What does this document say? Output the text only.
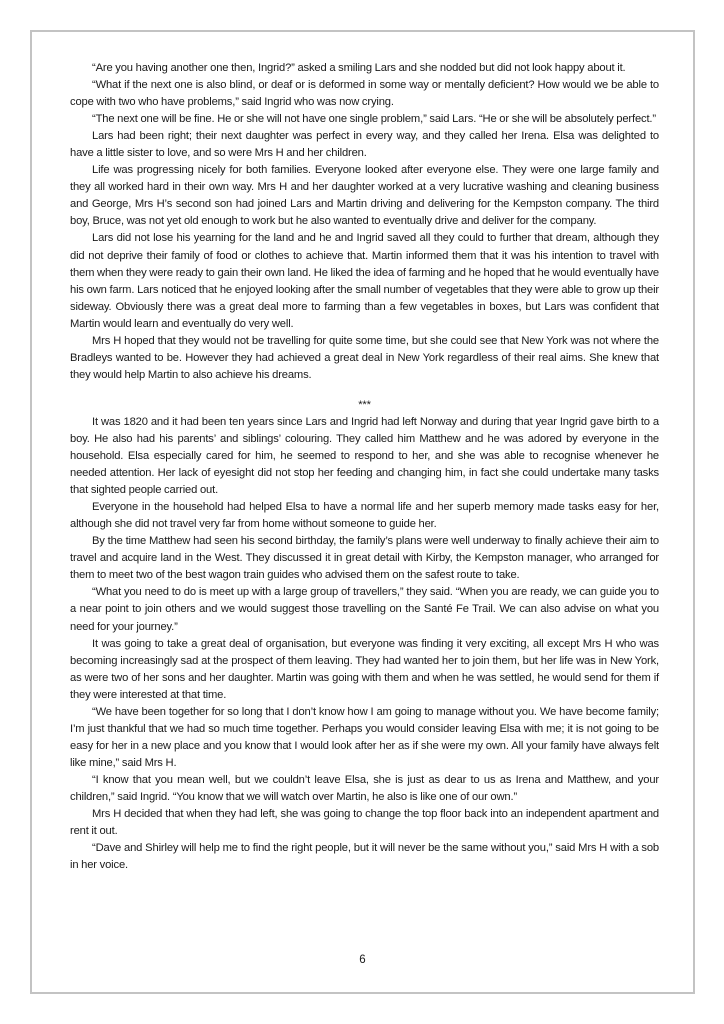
“Are you having another one then, Ingrid?” asked a smiling Lars and she nodded but did not look happy about it.

“What if the next one is also blind, or deaf or is deformed in some way or mentally deficient? How would we be able to cope with two who have problems,” said Ingrid who was now crying.

“The next one will be fine. He or she will not have one single problem,” said Lars. “He or she will be absolutely perfect.”

Lars had been right; their next daughter was perfect in every way, and they called her Irena. Elsa was delighted to have a little sister to love, and so were Mrs H and her children.

Life was progressing nicely for both families. Everyone looked after everyone else. They were one large family and they all worked hard in their own way. Mrs H and her daughter worked at a very lucrative washing and cleaning business and George, Mrs H’s second son had joined Lars and Martin driving and delivering for the Kempston company. The third boy, Bruce, was not yet old enough to work but he also wanted to eventually drive and deliver for the company.

Lars did not lose his yearning for the land and he and Ingrid saved all they could to further that dream, although they did not deprive their family of food or clothes to achieve that. Martin informed them that it was his intention to travel with them when they were ready to gain their own land. He liked the idea of farming and he hoped that he would eventually have his own farm. Lars noticed that he enjoyed looking after the small number of vegetables that they were able to grow up their sideway. Obviously there was a great deal more to farming than a few vegetables in boxes, but Lars was confident that Martin would learn and eventually do very well.

Mrs H hoped that they would not be travelling for quite some time, but she could see that New York was not where the Bradleys wanted to be. However they had achieved a great deal in New York regardless of their real aims. She knew that they would help Martin to also achieve his dreams.

***

It was 1820 and it had been ten years since Lars and Ingrid had left Norway and during that year Ingrid gave birth to a boy. He also had his parents’ and siblings’ colouring. They called him Matthew and he was adored by everyone in the household. Elsa especially cared for him, he seemed to respond to her, and she was able to recognise whenever he needed attention. Her lack of eyesight did not stop her feeding and changing him, in fact she could undertake many tasks that sighted people carried out.

Everyone in the household had helped Elsa to have a normal life and her superb memory made tasks easy for her, although she did not travel very far from home without someone to guide her.

By the time Matthew had seen his second birthday, the family’s plans were well underway to finally achieve their aim to travel and acquire land in the West. They discussed it in great detail with Kirby, the Kempston manager, who arranged for them to meet two of the best wagon train guides who advised them on the safest route to take.

“What you need to do is meet up with a large group of travellers,” they said. “When you are ready, we can guide you to a near point to join others and we would suggest those travelling on the Santé Fe Trail. We can also advise on what you need for your journey.”

It was going to take a great deal of organisation, but everyone was finding it very exciting, all except Mrs H who was becoming increasingly sad at the prospect of them leaving. They had wanted her to join them, but her life was in New York, as were two of her sons and her daughter. Martin was going with them and when he was settled, he would send for them if they were interested at that time.

“We have been together for so long that I don’t know how I am going to manage without you. We have become family; I’m just thankful that we had so much time together. Perhaps you would consider leaving Elsa with me; it is not going to be easy for her in a new place and you know that I would look after her as if she were my own. All your family have always felt like mine,” said Mrs H.

“I know that you mean well, but we couldn’t leave Elsa, she is just as dear to us as Irena and Matthew, and your children,” said Ingrid. “You know that we will watch over Martin, he also is like one of our own.”

Mrs H decided that when they had left, she was going to change the top floor back into an independent apartment and rent it out.

“Dave and Shirley will help me to find the right people, but it will never be the same without you,” said Mrs H with a sob in her voice.

6
